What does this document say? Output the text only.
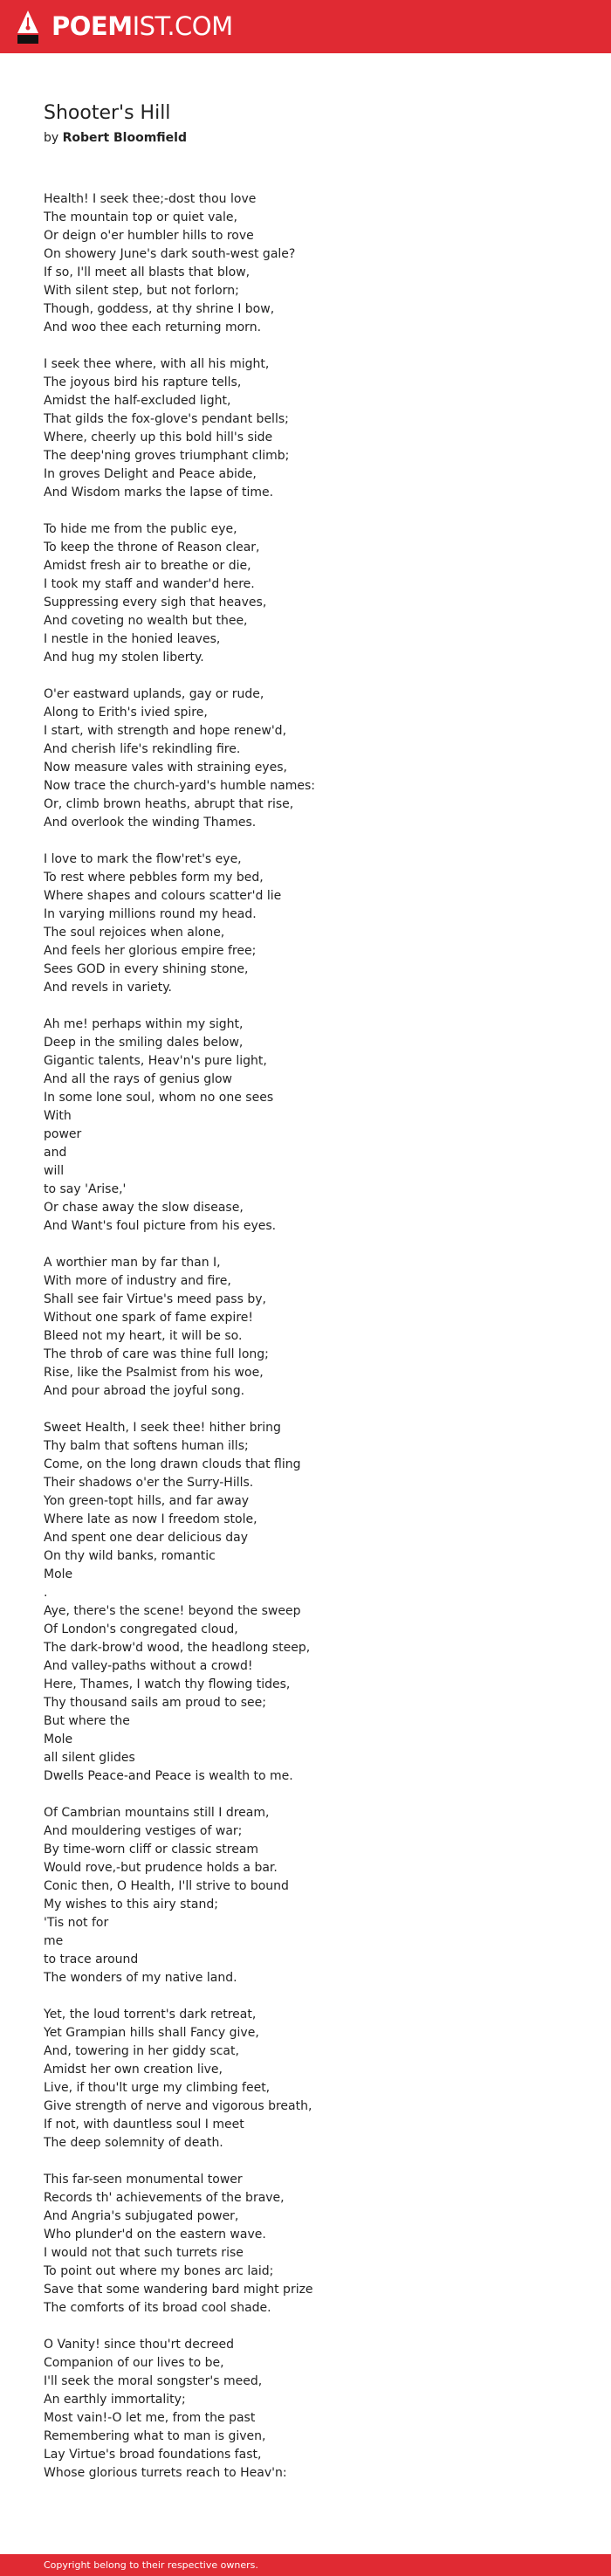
POEMIST.COM
Shooter's Hill
by Robert Bloomfield
Health! I seek thee;-dost thou love
The mountain top or quiet vale,
Or deign o'er humbler hills to rove
On showery June's dark south-west gale?
If so, I'll meet all blasts that blow,
With silent step, but not forlorn;
Though, goddess, at thy shrine I bow,
And woo thee each returning morn.
I seek thee where, with all his might,
The joyous bird his rapture tells,
Amidst the half-excluded light,
That gilds the fox-glove's pendant bells;
Where, cheerly up this bold hill's side
The deep'ning groves triumphant climb;
In groves Delight and Peace abide,
And Wisdom marks the lapse of time.
To hide me from the public eye,
To keep the throne of Reason clear,
Amidst fresh air to breathe or die,
I took my staff and wander'd here.
Suppressing every sigh that heaves,
And coveting no wealth but thee,
I nestle in the honied leaves,
And hug my stolen liberty.
O'er eastward uplands, gay or rude,
Along to Erith's ivied spire,
I start, with strength and hope renew'd,
And cherish life's rekindling fire.
Now measure vales with straining eyes,
Now trace the church-yard's humble names:
Or, climb brown heaths, abrupt that rise,
And overlook the winding Thames.
I love to mark the flow'ret's eye,
To rest where pebbles form my bed,
Where shapes and colours scatter'd lie
In varying millions round my head.
The soul rejoices when alone,
And feels her glorious empire free;
Sees GOD in every shining stone,
And revels in variety.
Ah me! perhaps within my sight,
Deep in the smiling dales below,
Gigantic talents, Heav'n's pure light,
And all the rays of genius glow
In some lone soul, whom no one sees
With
power
and
will
to say 'Arise,'
Or chase away the slow disease,
And Want's foul picture from his eyes.
A worthier man by far than I,
With more of industry and fire,
Shall see fair Virtue's meed pass by,
Without one spark of fame expire!
Bleed not my heart, it will be so.
The throb of care was thine full long;
Rise, like the Psalmist from his woe,
And pour abroad the joyful song.
Sweet Health, I seek thee! hither bring
Thy balm that softens human ills;
Come, on the long drawn clouds that fling
Their shadows o'er the Surry-Hills.
Yon green-topt hills, and far away
Where late as now I freedom stole,
And spent one dear delicious day
On thy wild banks, romantic
Mole
.
Aye, there's the scene! beyond the sweep
Of London's congregated cloud,
The dark-brow'd wood, the headlong steep,
And valley-paths without a crowd!
Here, Thames, I watch thy flowing tides,
Thy thousand sails am proud to see;
But where the
Mole
all silent glides
Dwells Peace-and Peace is wealth to me.
Of Cambrian mountains still I dream,
And mouldering vestiges of war;
By time-worn cliff or classic stream
Would rove,-but prudence holds a bar.
Conic then, O Health, I'll strive to bound
My wishes to this airy stand;
'Tis not for
me
to trace around
The wonders of my native land.
Yet, the loud torrent's dark retreat,
Yet Grampian hills shall Fancy give,
And, towering in her giddy scat,
Amidst her own creation live,
Live, if thou'lt urge my climbing feet,
Give strength of nerve and vigorous breath,
If not, with dauntless soul I meet
The deep solemnity of death.
This far-seen monumental tower
Records th' achievements of the brave,
And Angria's subjugated power,
Who plunder'd on the eastern wave.
I would not that such turrets rise
To point out where my bones arc laid;
Save that some wandering bard might prize
The comforts of its broad cool shade.
O Vanity! since thou'rt decreed
Companion of our lives to be,
I'll seek the moral songster's meed,
An earthly immortality;
Most vain!-O let me, from the past
Remembering what to man is given,
Lay Virtue's broad foundations fast,
Whose glorious turrets reach to Heav'n:
Copyright belong to their respective owners.
